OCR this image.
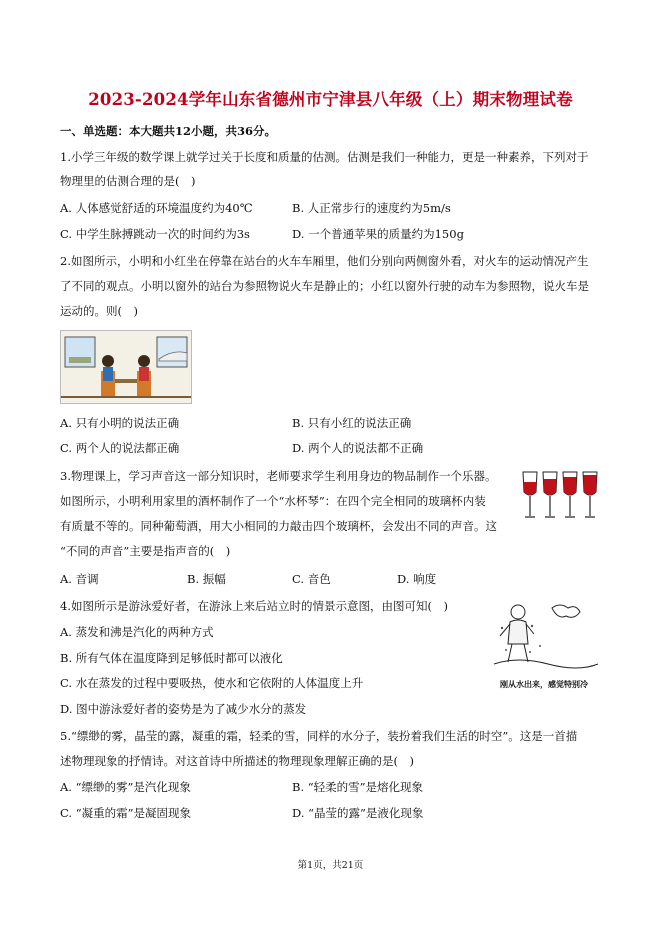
2023-2024学年山东省德州市宁津县八年级（上）期末物理试卷
一、单选题：本大题共12小题，共36分。
1.小学三年级的数学课上就学过关于长度和质量的估测。估测是我们一种能力，更是一种素养，下列对于
物理里的估测合理的是(　)
A. 人体感觉舒适的环境温度约为40℃	B. 人正常步行的速度约为5m/s
C. 中学生脉搏跳动一次的时间约为3s	D. 一个普通苹果的质量约为150g
2.如图所示，小明和小红坐在停靠在站台的火车车厢里，他们分别向两侧窗外看，对火车的运动情况产生
了不同的观点。小明以窗外的站台为参照物说火车是静止的；小红以窗外行驶的动车为参照物，说火车是
运动的。则(　)
A. 只有小明的说法正确	B. 只有小红的说法正确
C. 两个人的说法都正确	D. 两个人的说法都不正确
3.物理课上，学习声音这一部分知识时，老师要求学生利用身边的物品制作一个乐器。
如图所示，小明利用家里的酒杯制作了一个“水杯琴”：在四个完全相同的玻璃杯内装
有质量不等的。同种葡萄酒，用大小相同的力敲击四个玻璃杯，会发出不同的声音。这
“不同的声音”主要是指声音的(　)
A. 音调	B. 振幅	C. 音色	D. 响度
4.如图所示是游泳爱好者，在游泳上来后站立时的情景示意图，由图可知(　)
A. 蒸发和沸是汽化的两种方式
B. 所有气体在温度降到足够低时都可以液化
C. 水在蒸发的过程中要吸热，使水和它依附的人体温度上升
D. 图中游泳爱好者的姿势是为了减少水分的蒸发
刚从水出来，感觉特别冷
5.“缥缈的雾，晶莹的露，凝重的霜，轻柔的雪，同样的水分子，装扮着我们生活的时空”。这是一首描
述物理现象的抒情诗。对这首诗中所描述的物理现象理解正确的是(　)
A. “缥缈的雾”是汽化现象	B. “轻柔的雪”是熔化现象
C. “凝重的霜”是凝固现象	D. “晶莹的露”是液化现象
第1页，共21页
